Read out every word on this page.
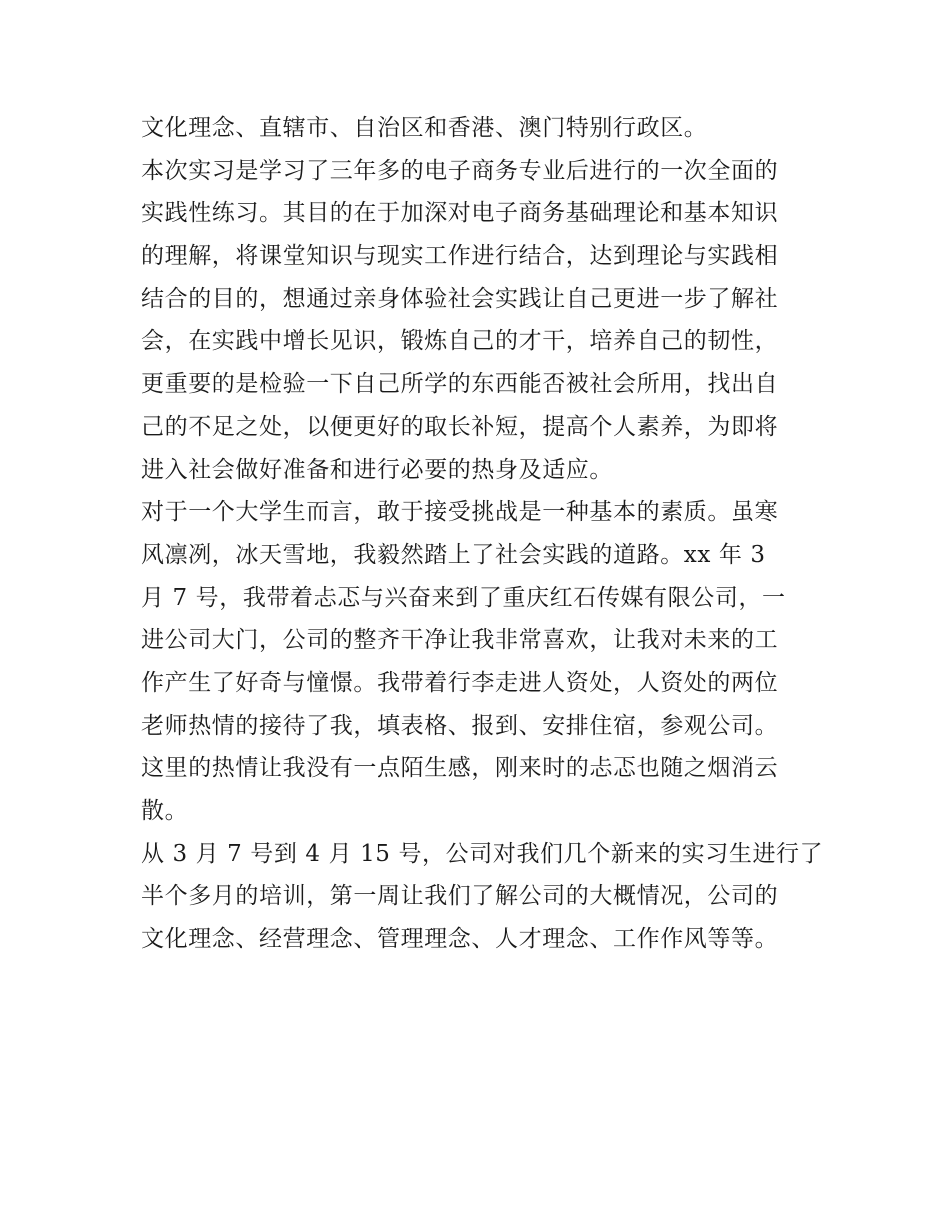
文化理念、直辖市、自治区和香港、澳门特别行政区。
本次实习是学习了三年多的电子商务专业后进行的一次全面的
实践性练习。其目的在于加深对电子商务基础理论和基本知识
的理解，将课堂知识与现实工作进行结合，达到理论与实践相
结合的目的，想通过亲身体验社会实践让自己更进一步了解社
会，在实践中增长见识，锻炼自己的才干，培养自己的韧性，
更重要的是检验一下自己所学的东西能否被社会所用，找出自
己的不足之处，以便更好的取长补短，提高个人素养，为即将
进入社会做好准备和进行必要的热身及适应。
对于一个大学生而言，敢于接受挑战是一种基本的素质。虽寒
风凛冽，冰天雪地，我毅然踏上了社会实践的道路。xx 年 3
月 7 号，我带着忐忑与兴奋来到了重庆红石传媒有限公司，一
进公司大门，公司的整齐干净让我非常喜欢，让我对未来的工
作产生了好奇与憧憬。我带着行李走进人资处，人资处的两位
老师热情的接待了我，填表格、报到、安排住宿，参观公司。
这里的热情让我没有一点陌生感，刚来时的忐忑也随之烟消云
散。
从 3 月 7 号到 4 月 15 号，公司对我们几个新来的实习生进行了
半个多月的培训，第一周让我们了解公司的大概情况，公司的
文化理念、经营理念、管理理念、人才理念、工作作风等等。
